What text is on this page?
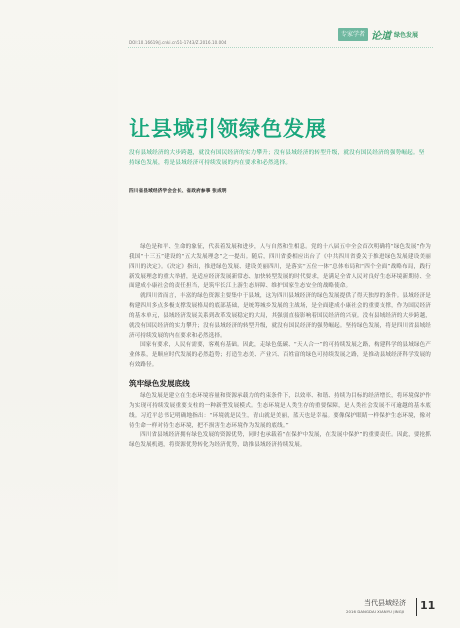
DOI:10.16619/j.cnki.cn51-1743/Z.2016.10.004
专家学者 论道 绿色发展
让县域引领绿色发展
没有县域经济的大步跨越，就没有国民经济的实力攀升；没有县域经济的转型升级，就没有国民经济的强势崛起。坚持绿色发展，将是县域经济可持续发展的内在要求和必然选择。
四川省县域经济学会会长、省政府参事 张成明

绿色是和平、生命的象征，代表着发展和进步，人与自然和生相息。党的十八届五中全会首次明确将“绿色发展”作为我国“十三五”建设的“五大发展理念”之一提出。随后，四川省委相应出台了《中共四川省委关于推进绿色发展建设美丽四川的决定》。《决定》指出，推进绿色发展、建设美丽四川，是落实“五位一体”总体布局和“四个全面”战略布局，践行新发展理念的重大举措，是适应经济发展新常态、加快转型发展的时代要求，是满足全省人民对良好生态环境新期待、全面建成小康社会的责任担当，是筑牢长江上游生态屏障、维护国家生态安全的战略使命。

就四川省而言，丰富的绿色资源主要集中于县域，这为四川县域经济的绿色发展提供了得天独厚的条件。县域经济是构建四川多点多极支撑发展格局的底部基础，是统筹城乡发展的主战场，是全面建成小康社会的重要支撑，作为国民经济的基本单元，县域经济发展关系到改革发展稳定的大局，其强弱直接影响着国民经济的兴衰。没有县域经济的大步跨越，就没有国民经济的实力攀升；没有县域经济的转型升级，就没有国民经济的强势崛起。坚持绿色发展，将是四川省县域经济可持续发展的内在要求和必然选择。

国家有要求，人民有需要，客观有基础。因此，走绿色低碳、“天人合一”的可持续发展之路，构建科学的县域绿色产业体系，是顺应时代发展的必然趋势；打造生态美、产业兴、百姓富的绿色可持续发展之路，是推动县域经济科学发展的有效路径。

筑牢绿色发展底线

绿色发展是建立在生态环境容量和资源承载力的约束条件下，以效率、和谐、持续为目标的经济增长，将环境保护作为实现可持续发展重要支柱的一种新型发展模式。生态环境是人类生存的重要保障，是人类社会发展不可逾越的基本底线。习近平总书记明确地指出：“环境就是民生，青山就是美丽，蓝天也是幸福。要像保护眼睛一样保护生态环境，像对待生命一样对待生态环境，把不损害生态环境作为发展的底线。”

四川省县域经济拥有绿色发展的资源优势，同时也承载着“在保护中发展，在发展中保护”的重要责任。因此，要抢抓绿色发展机遇，将资源优势转化为经济优势，助推县域经济持续发展。

当代县域经济
2016 DANGDAI XIANYU JINGJI 11
